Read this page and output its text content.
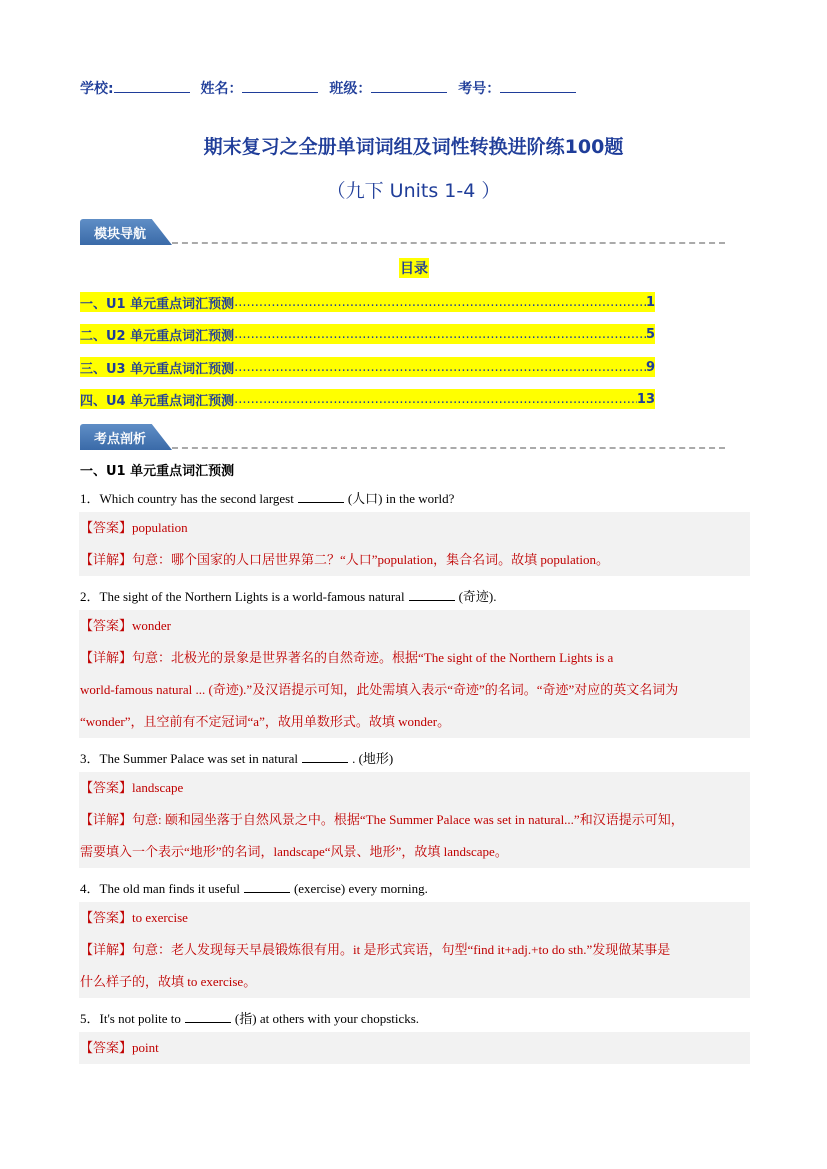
学校:	姓名：	班级：	考号：
期末复习之全册单词词组及词性转换进阶练100题
（九下 Units 1-4 ）
模块导航
目录
一、U1 单元重点词汇预测 .....	1
二、U2 单元重点词汇预测 .....	5
三、U3 单元重点词汇预测 .....	9
四、U4 单元重点词汇预测 .....	13
考点剖析
一、U1 单元重点词汇预测
1．Which country has the second largest	(人口) in the world?
【答案】population
【详解】句意：哪个国家的人口居世界第二？“人口”population，集合名词。故填 population。
2．The sight of the Northern Lights is a world-famous natural	(奇迹).
【答案】wonder
【详解】句意：北极光的景象是世界著名的自然奇迹。根据“The sight of the Northern Lights is a
world-famous natural ... (奇迹).”及汉语提示可知，此处需填入表示“奇迹”的名词。“奇迹”对应的英文名词为
“wonder”，且空前有不定冠词“a”，故用单数形式。故填 wonder。
3．The Summer Palace was set in natural	. (地形)
【答案】landscape
【详解】句意: 颐和园坐落于自然风景之中。根据“The Summer Palace was set in natural...”和汉语提示可知，
需要填入一个表示“地形”的名词，landscape“风景、地形”，故填 landscape。
4．The old man finds it useful	(exercise) every morning.
【答案】to exercise
【详解】句意：老人发现每天早晨锻炼很有用。it 是形式宾语，句型“find it+adj.+to do sth.”发现做某事是
什么样子的，故填 to exercise。
5．It's not polite to	(指) at others with your chopsticks.
【答案】point
